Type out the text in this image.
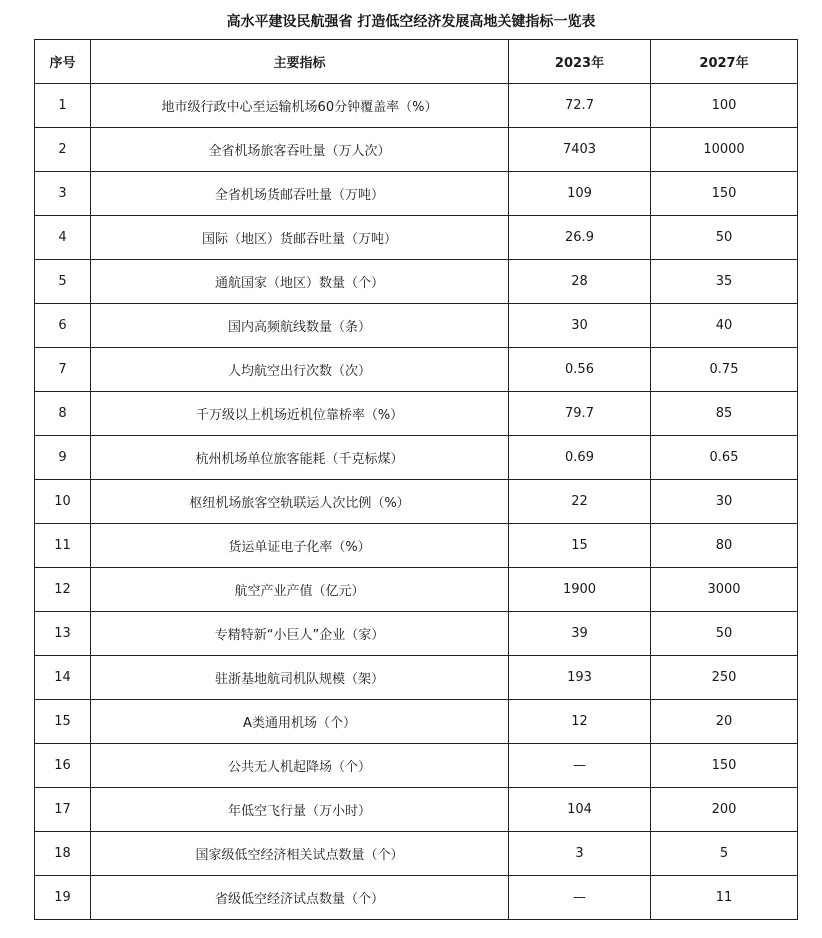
高水平建设民航强省 打造低空经济发展高地关键指标一览表
序号	主要指标	2023年	2027年
1	地市级行政中心至运输机场60分钟覆盖率（%）	72.7	100
2	全省机场旅客吞吐量（万人次）	7403	10000
3	全省机场货邮吞吐量（万吨）	109	150
4	国际（地区）货邮吞吐量（万吨）	26.9	50
5	通航国家（地区）数量（个）	28	35
6	国内高频航线数量（条）	30	40
7	人均航空出行次数（次）	0.56	0.75
8	千万级以上机场近机位靠桥率（%）	79.7	85
9	杭州机场单位旅客能耗（千克标煤）	0.69	0.65
10	枢纽机场旅客空轨联运人次比例（%）	22	30
11	货运单证电子化率（%）	15	80
12	航空产业产值（亿元）	1900	3000
13	专精特新“小巨人”企业（家）	39	50
14	驻浙基地航司机队规模（架）	193	250
15	A类通用机场（个）	12	20
16	公共无人机起降场（个）	—	150
17	年低空飞行量（万小时）	104	200
18	国家级低空经济相关试点数量（个）	3	5
19	省级低空经济试点数量（个）	—	11
